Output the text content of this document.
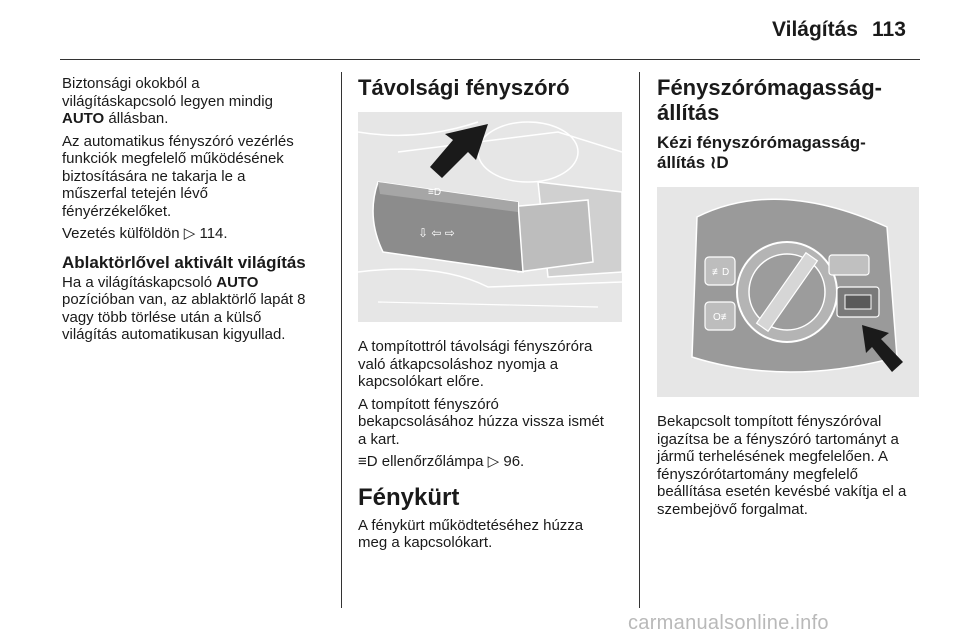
Világítás 113

Biztonsági okokból a
világításkapcsoló legyen mindig
AUTO állásban.

Az automatikus fényszóró vezérlés
funkciók megfelelő működésének
biztosítására ne takarja le a
műszerfal tetején lévő
fényérzékelőket.

Vezetés külföldön ▷ 114.

Ablaktörlővel aktivált világítás

Ha a világításkapcsoló AUTO
pozícióban van, az ablaktörlő lapát 8
vagy több törlése után a külső
világítás automatikusan kigyullad.

Távolsági fényszóró
≡D
⇩ ⇦ ⇨

A tompítottról távolsági fényszóróra
való átkapcsoláshoz nyomja a
kapcsolókart előre.

A tompított fényszóró
bekapcsolásához húzza vissza ismét
a kart.

≡D ellenőrzőlámpa ▷ 96.

Fénykürt

A fénykürt működtetéséhez húzza
meg a kapcsolókart.

Fényszórómagasság-
állítás
Kézi fényszórómagasság-
állítás ≀D
≢D
O≢

Bekapcsolt tompított fényszóróval
igazítsa be a fényszóró tartományt a
jármű terhelésének megfelelően. A
fényszórótartomány megfelelő
beállítása esetén kevésbé vakítja el a
szembejövő forgalmat.

carmanualsonline.info
